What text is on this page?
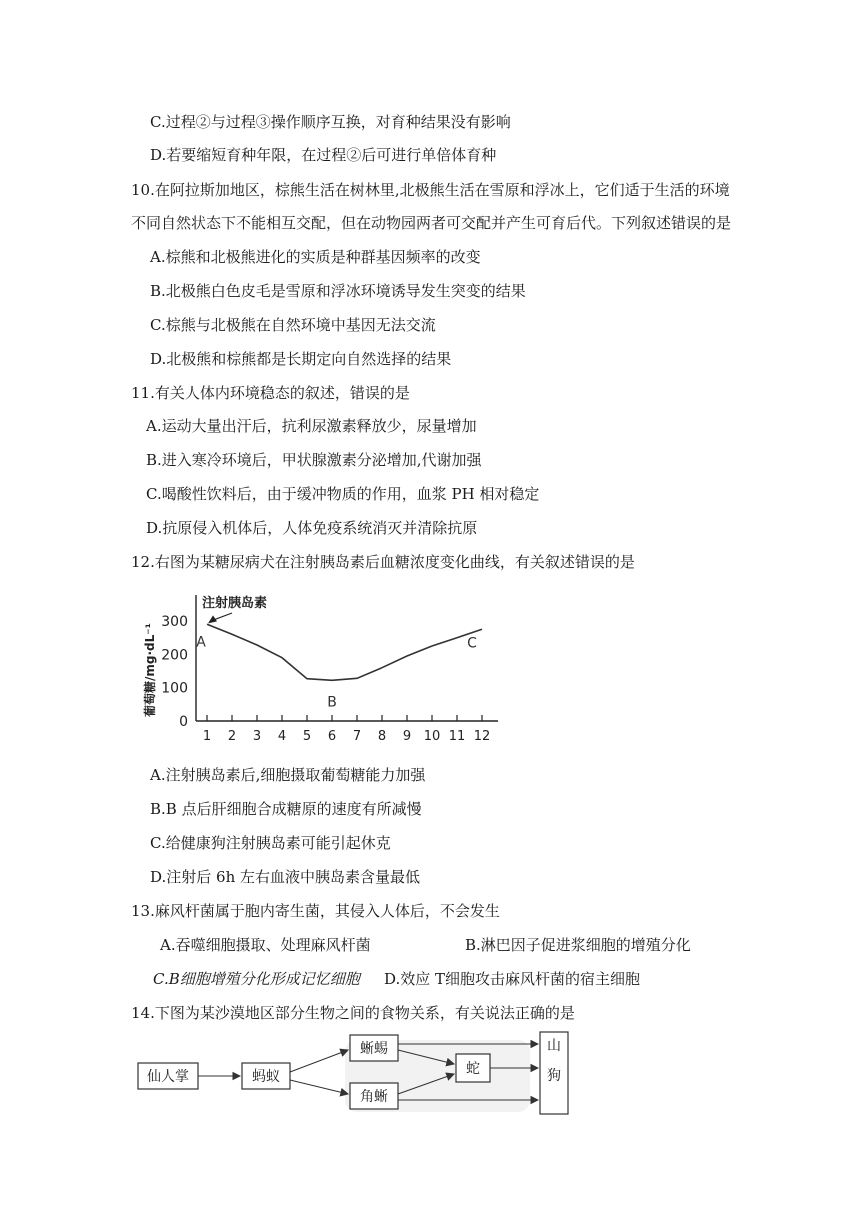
C.过程②与过程③操作顺序互换，对育种结果没有影响
D.若要缩短育种年限，在过程②后可进行单倍体育种
10.在阿拉斯加地区，棕熊生活在树林里,北极熊生活在雪原和浮冰上，它们适于生活的环境
不同自然状态下不能相互交配，但在动物园两者可交配并产生可育后代。下列叙述错误的是
A.棕熊和北极熊进化的实质是种群基因频率的改变
B.北极熊白色皮毛是雪原和浮冰环境诱导发生突变的结果
C.棕熊与北极熊在自然环境中基因无法交流
D.北极熊和棕熊都是长期定向自然选择的结果
11.有关人体内环境稳态的叙述，错误的是
A.运动大量出汗后，抗利尿激素释放少，尿量增加
B.进入寒冷环境后，甲状腺激素分泌增加,代谢加强
C.喝酸性饮料后，由于缓冲物质的作用，血浆 PH 相对稳定
D.抗原侵入机体后，人体免疫系统消灭并清除抗原
12.右图为某糖尿病犬在注射胰岛素后血糖浓度变化曲线，有关叙述错误的是
0
100
200
300
1 2 3 4 5 6 7 8 9 10 11 12
葡萄糖/mg·dL⁻¹	A
B
C
注射胰岛素
A.注射胰岛素后,细胞摄取葡萄糖能力加强
B.B 点后肝细胞合成糖原的速度有所减慢
C.给健康狗注射胰岛素可能引起休克
D.注射后 6h 左右血液中胰岛素含量最低
13.麻风杆菌属于胞内寄生菌，其侵入人体后，不会发生
A.吞噬细胞摄取、处理麻风杆菌	B.淋巴因子促进浆细胞的增殖分化
C.B细胞增殖分化形成记忆细胞 D.效应 T细胞攻击麻风杆菌的宿主细胞
14.下图为某沙漠地区部分生物之间的食物关系，有关说法正确的是
仙人掌	蚂蚁
蜥蜴
角蜥
蛇
山
狗
